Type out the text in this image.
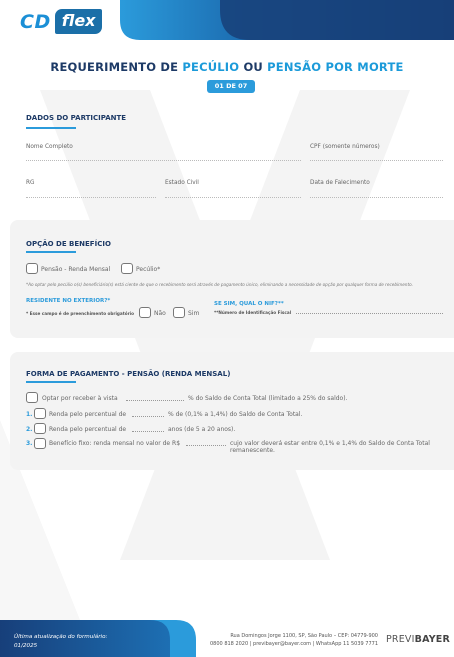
CD flex
REQUERIMENTO DE PECÚLIO OU PENSÃO POR MORTE
01 DE 07
DADOS DO PARTICIPANTE
Nome Completo	CPF (somente números)
RG	Estado Civil	Data de Falecimento
OPÇÃO DE BENEFÍCIO
Pensão - Renda Mensal	Pecúlio*
*Ao optar pelo pecúlio o(s) beneficiário(s) está ciente de que o recebimento será através de pagamento único, eliminando a necessidade de opção por qualquer forma de recebimento.
RESIDENTE NO EXTERIOR?*
* Esse campo é de preenchimento obrigatório	Não	Sim
SE SIM, QUAL O NIF?**
**Número de Identificação Fiscal
FORMA DE PAGAMENTO - PENSÃO (RENDA MENSAL)
Optar por receber à vista	% do Saldo de Conta Total (limitado a 25% do saldo).
1.	Renda pelo percentual de	% de (0,1% a 1,4%) do Saldo de Conta Total.
2.	Renda pelo percentual de	anos (de 5 a 20 anos).
3.	Benefício fixo: renda mensal no valor de R$	cujo valor deverá estar entre 0,1% e 1,4% do Saldo de Conta Total
remanescente.
Última atualização do formulário:
01/2025
Rua Domingos Jorge 1100, SP, São Paulo – CEP: 04779-900
0800 818 2020 | previbayer@bayer.com | WhatsApp 11 5039 7771 PREVIBAYER
